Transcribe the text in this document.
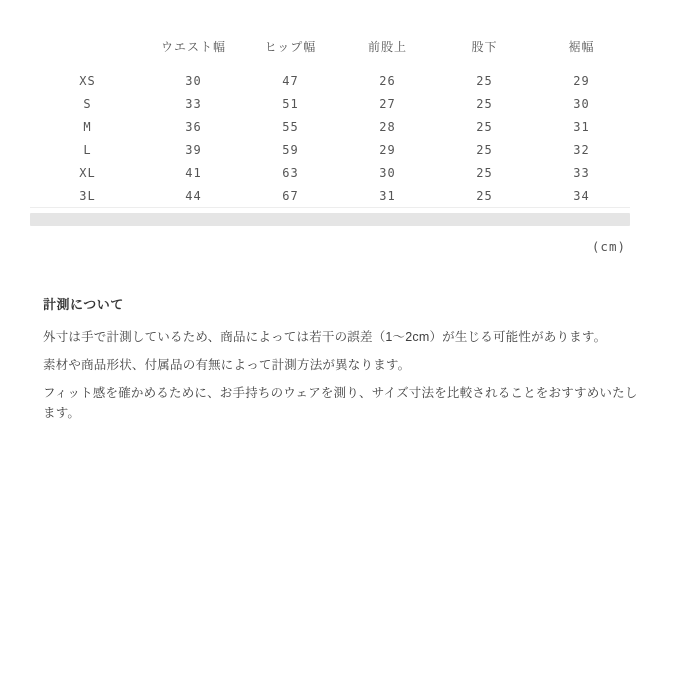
	ウエスト幅	ヒップ幅	前股上	股下	裾幅
XS	30	47	26	25	29
S	33	51	27	25	30
M	36	55	28	25	31
L	39	59	29	25	32
XL	41	63	30	25	33
3L	44	67	31	25	34
(cm)
計測について

外寸は手で計測しているため、商品によっては若干の誤差（1～2cm）が生じる可能性があります。

素材や商品形状、付属品の有無によって計測方法が異なります。

フィット感を確かめるために、お手持ちのウェアを測り、サイズ寸法を比較されることをおすすめいたします。
